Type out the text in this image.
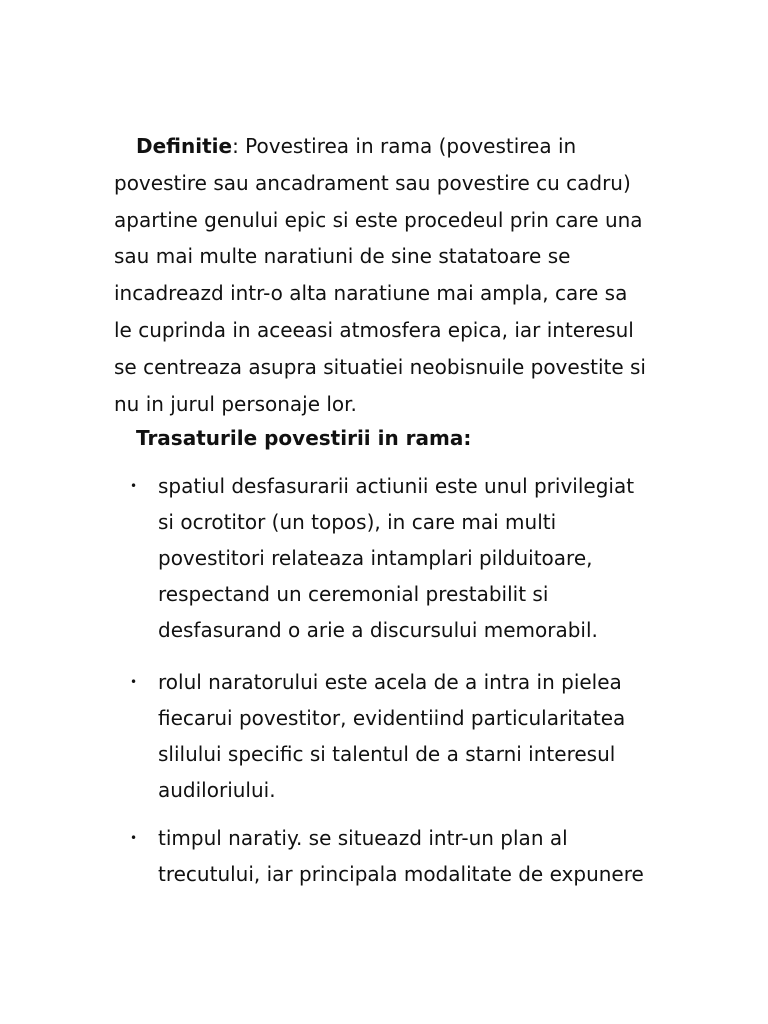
Definitie: Povestirea in rama (povestirea in
povestire sau ancadrament sau povestire cu cadru)
apartine genului epic si este procedeul prin care una
sau mai multe naratiuni de sine statatoare se
incadreazd intr-o alta naratiune mai ampla, care sa
le cuprinda in aceeasi atmosfera epica, iar interesul
se centreaza asupra situatiei neobisnuile povestite si
nu in jurul personaje lor.

Trasaturile povestirii in rama:

•	spatiul desfasurarii actiunii este unul privilegiat
si ocrotitor (un topos), in care mai multi
povestitori relateaza intamplari pilduitoare,
respectand un ceremonial prestabilit si
desfasurand o arie a discursului memorabil.
•	rolul naratorului este acela de a intra in pielea
fiecarui povestitor, evidentiind particularitatea
slilului specific si talentul de a starni interesul
audiloriului.
•	timpul naratiy. se situeazd intr-un plan al
trecutului, iar principala modalitate de expunere
